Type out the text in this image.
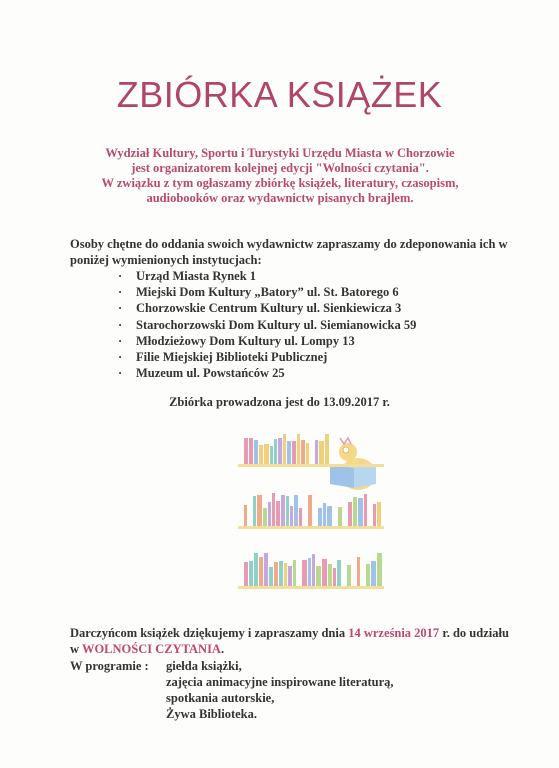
ZBIÓRKA KSIĄŻEK
Wydział Kultury, Sportu i Turystyki Urzędu Miasta w Chorzowie
jest organizatorem kolejnej edycji "Wolności czytania".
W związku z tym ogłaszamy zbiórkę książek, literatury, czasopism,
audiobooków oraz wydawnictw pisanych brajlem.
Osoby chętne do oddania swoich wydawnictw zapraszamy do zdeponowania ich w poniżej wymienionych instytucjach:
· Urząd Miasta Rynek 1
· Miejski Dom Kultury „Batory” ul. St. Batorego 6
· Chorzowskie Centrum Kultury ul. Sienkiewicza 3
· Starochorzowski Dom Kultury ul. Siemianowicka 59
· Młodzieżowy Dom Kultury ul. Lompy 13
· Filie Miejskiej Biblioteki Publicznej
· Muzeum ul. Powstańców 25
Zbiórka prowadzona jest do 13.09.2017 r.
Darczyńcom książek dziękujemy i zapraszamy dnia 14 września 2017 r. do udziału w WOLNOŚCI CZYTANIA.
W programie : giełda książki,
zajęcia animacyjne inspirowane literaturą,
spotkania autorskie,
Żywa Biblioteka.
